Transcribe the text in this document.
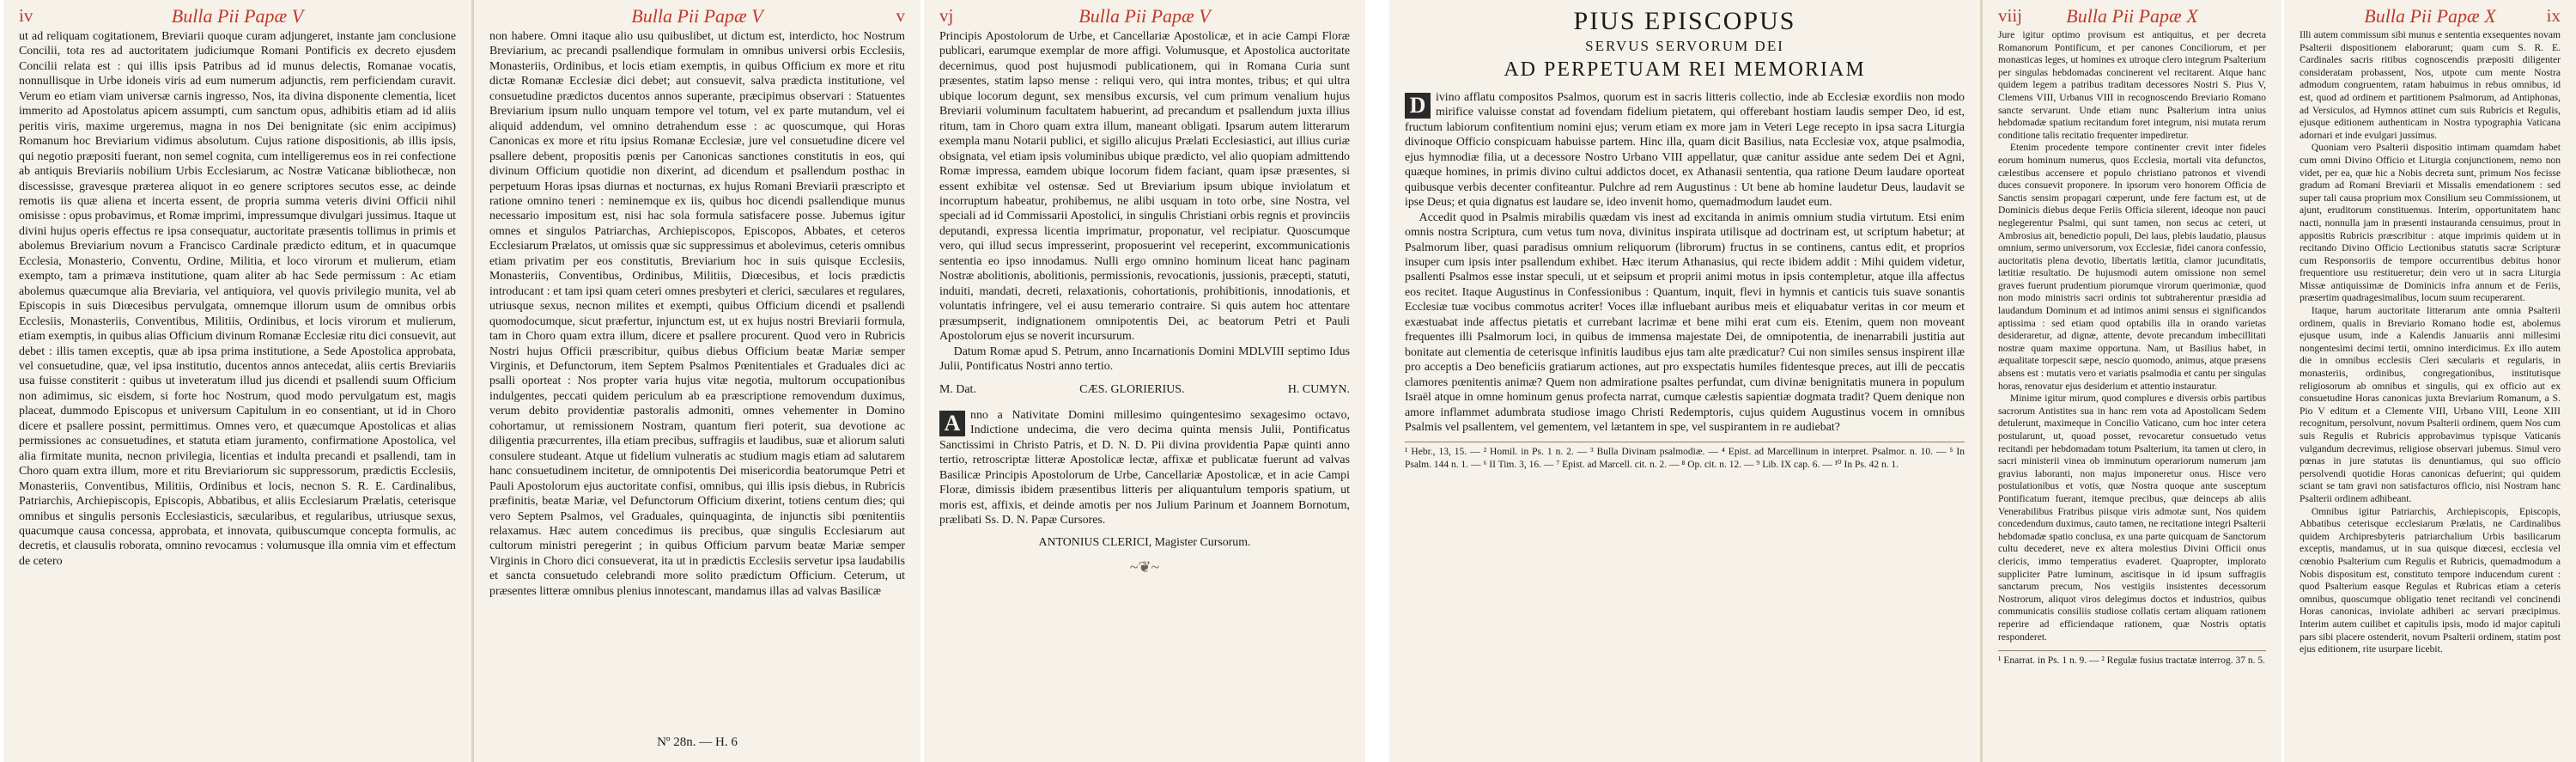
iv	Bulla Pii Papæ V

ut ad reliquam cogitationem, Breviarii quoque curam adjungeret, instante jam conclusione Concilii, tota res ad auctoritatem judiciumque Romani Pontificis ex decreto ejusdem Concilii relata est : qui illis ipsis Patribus ad id munus delectis, Romanae vocatis, nonnullisque in Urbe idoneis viris ad eum numerum adjunctis, rem perficiendam curavit. Verum eo etiam viam universæ carnis ingresso, Nos, ita divina disponente clementia, licet immerito ad Apostolatus apicem assumpti, cum sanctum opus, adhibitis etiam ad id aliis peritis viris, maxime urgeremus, magna in nos Dei benignitate (sic enim accipimus) Romanum hoc Breviarium vidimus absolutum. Cujus ratione dispositionis, ab illis ipsis, qui negotio præpositi fuerant, non semel cognita, cum intelligeremus eos in rei confectione ab antiquis Breviariis nobilium Urbis Ecclesiarum, ac Nostræ Vaticanæ bibliothecæ, non discessisse, gravesque præterea aliquot in eo genere scriptores secutos esse, ac deinde remotis iis quæ aliena et incerta essent, de propria summa veteris divini Officii nihil omisisse : opus probavimus, et Romæ imprimi, impressumque divulgari jussimus. Itaque ut divini hujus operis effectus re ipsa consequatur, auctoritate præsentis tollimus in primis et abolemus Breviarium novum a Francisco Cardinale prædicto editum, et in quacumque Ecclesia, Monasterio, Conventu, Ordine, Militia, et loco virorum et mulierum, etiam exempto, tam a primæva institutione, quam aliter ab hac Sede permissum : Ac etiam abolemus quæcumque alia Breviaria, vel antiquiora, vel quovis privilegio munita, vel ab Episcopis in suis Diœcesibus pervulgata, omnemque illorum usum de omnibus orbis Ecclesiis, Monasteriis, Conventibus, Militiis, Ordinibus, et locis virorum et mulierum, etiam exemptis, in quibus alias Officium divinum Romanæ Ecclesiæ ritu dici consuevit, aut debet : illis tamen exceptis, quæ ab ipsa prima institutione, a Sede Apostolica approbata, vel consuetudine, quæ, vel ipsa institutio, ducentos annos antecedat, aliis certis Breviariis usa fuisse constiterit : quibus ut inveteratum illud jus dicendi et psallendi suum Officium non adimimus, sic eisdem, si forte hoc Nostrum, quod modo pervulgatum est, magis placeat, dummodo Episcopus et universum Capitulum in eo consentiant, ut id in Choro dicere et psallere possint, permittimus. Omnes vero, et quæcumque Apostolicas et alias permissiones ac consuetudines, et statuta etiam juramento, confirmatione Apostolica, vel alia firmitate munita, necnon privilegia, licentias et indulta precandi et psallendi, tam in Choro quam extra illum, more et ritu Breviariorum sic suppressorum, prædictis Ecclesiis, Monasteriis, Conventibus, Militiis, Ordinibus et locis, necnon S. R. E. Cardinalibus, Patriarchis, Archiepiscopis, Episcopis, Abbatibus, et aliis Ecclesiarum Prælatis, ceterisque omnibus et singulis personis Ecclesiasticis, sæcularibus, et regularibus, utriusque sexus, quacumque causa concessa, approbata, et innovata, quibuscumque concepta formulis, ac decretis, et clausulis roborata, omnino revocamus : volumusque illa omnia vim et effectum de cetero

Bulla Pii Papæ V	v

non habere. Omni itaque alio usu quibuslibet, ut dictum est, interdicto, hoc Nostrum Breviarium, ac precandi psallendique formulam in omnibus universi orbis Ecclesiis, Monasteriis, Ordinibus, et locis etiam exemptis, in quibus Officium ex more et ritu dictæ Romanæ Ecclesiæ dici debet; aut consuevit, salva prædicta institutione, vel consuetudine prædictos ducentos annos superante, præcipimus observari : Statuentes Breviarium ipsum nullo unquam tempore vel totum, vel ex parte mutandum, vel ei aliquid addendum, vel omnino detrahendum esse : ac quoscumque, qui Horas Canonicas ex more et ritu ipsius Romanæ Ecclesiæ, jure vel consuetudine dicere vel psallere debent, propositis pœnis per Canonicas sanctiones constitutis in eos, qui divinum Officium quotidie non dixerint, ad dicendum et psallendum posthac in perpetuum Horas ipsas diurnas et nocturnas, ex hujus Romani Breviarii præscripto et ratione omnino teneri : neminemque ex iis, quibus hoc dicendi psallendique munus necessario impositum est, nisi hac sola formula satisfacere posse. Jubemus igitur omnes et singulos Patriarchas, Archiepiscopos, Episcopos, Abbates, et ceteros Ecclesiarum Prælatos, ut omissis quæ sic suppressimus et abolevimus, ceteris omnibus etiam privatim per eos constitutis, Breviarium hoc in suis quisque Ecclesiis, Monasteriis, Conventibus, Ordinibus, Militiis, Diœcesibus, et locis prædictis introducant : et tam ipsi quam ceteri omnes presbyteri et clerici, sæculares et regulares, utriusque sexus, necnon milites et exempti, quibus Officium dicendi et psallendi quomodocumque, sicut præfertur, injunctum est, ut ex hujus nostri Breviarii formula, tam in Choro quam extra illum, dicere et psallere procurent. Quod vero in Rubricis Nostri hujus Officii præscribitur, quibus diebus Officium beatæ Mariæ semper Virginis, et Defunctorum, item Septem Psalmos Pœnitentiales et Graduales dici ac psalli oporteat : Nos propter varia hujus vitæ negotia, multorum occupationibus indulgentes, peccati quidem periculum ab ea præscriptione removendum duximus, verum debito providentiæ pastoralis admoniti, omnes vehementer in Domino cohortamur, ut remissionem Nostram, quantum fieri poterit, sua devotione ac diligentia præcurrentes, illa etiam precibus, suffragiis et laudibus, suæ et aliorum saluti consulere studeant. Atque ut fidelium vulneratis ac studium magis etiam ad salutarem hanc consuetudinem incitetur, de omnipotentis Dei misericordia beatorumque Petri et Pauli Apostolorum ejus auctoritate confisi, omnibus, qui illis ipsis diebus, in Rubricis præfinitis, beatæ Mariæ, vel Defunctorum Officium dixerint, totiens centum dies; qui vero Septem Psalmos, vel Graduales, quinquaginta, de injunctis sibi pœnitentiis relaxamus. Hæc autem concedimus iis precibus, quæ singulis Ecclesiarum aut cultorum ministri peregerint ; in quibus Officium parvum beatæ Mariæ semper Virginis in Choro dici consueverat, ita ut in prædictis Ecclesiis servetur ipsa laudabilis et sancta consuetudo celebrandi more solito prædictum Officium. Ceterum, ut præsentes litteræ omnibus plenius innotescant, mandamus illas ad valvas Basilicæ

Nº 28n. — H. 6
vj	Bulla Pii Papæ V

Principis Apostolorum de Urbe, et Cancellariæ Apostolicæ, et in acie Campi Floræ publicari, earumque exemplar de more affigi. Volumusque, et Apostolica auctoritate decernimus, quod post hujusmodi publicationem, qui in Romana Curia sunt præsentes, statim lapso mense : reliqui vero, qui intra montes, tribus; et qui ultra ubique locorum degunt, sex mensibus excursis, vel cum primum venalium hujus Breviarii voluminum facultatem habuerint, ad precandum et psallendum juxta illius ritum, tam in Choro quam extra illum, maneant obligati. Ipsarum autem litterarum exempla manu Notarii publici, et sigillo alicujus Prælati Ecclesiastici, aut illius curiæ obsignata, vel etiam ipsis voluminibus ubique prædicto, vel alio quopiam admittendo Romæ impressa, eamdem ubique locorum fidem faciant, quam ipsæ præsentes, si essent exhibitæ vel ostensæ. Sed ut Breviarium ipsum ubique inviolatum et incorruptum habeatur, prohibemus, ne alibi usquam in toto orbe, sine Nostra, vel speciali ad id Commissarii Apostolici, in singulis Christiani orbis regnis et provinciis deputandi, expressa licentia imprimatur, proponatur, vel recipiatur. Quoscumque vero, qui illud secus impresserint, proposuerint vel receperint, excommunicationis sententia eo ipso innodamus. Nulli ergo omnino hominum liceat hanc paginam Nostræ abolitionis, abolitionis, permissionis, revocationis, jussionis, præcepti, statuti, induiti, mandati, decreti, relaxationis, cohortationis, prohibitionis, innodationis, et voluntatis infringere, vel ei ausu temerario contraire. Si quis autem hoc attentare præsumpserit, indignationem omnipotentis Dei, ac beatorum Petri et Pauli Apostolorum ejus se noverit incursurum.

Datum Romæ apud S. Petrum, anno Incarnationis Domini MDLVIII septimo Idus Julii, Pontificatus Nostri anno tertio.

M. Dat.	CÆS. GLORIERIUS.	H. CUMYN.
A nno a Nativitate Domini millesimo quingentesimo sexagesimo octavo, Indictione undecima, die vero decima quinta mensis Julii, Pontificatus Sanctissimi in Christo Patris, et D. N. D. Pii divina providentia Papæ quinti anno tertio, retroscriptæ litteræ Apostolicæ lectæ, affixæ et publicatæ fuerunt ad valvas Basilicæ Principis Apostolorum de Urbe, Cancellariæ Apostolicæ, et in acie Campi Floræ, dimissis ibidem præsentibus litteris per aliquantulum temporis spatium, ut moris est, affixis, et deinde amotis per nos Julium Parinum et Joannem Bornotum, prælibati Ss. D. N. Papæ Cursores.
ANTONIUS CLERICI, Magister Cursorum.
~❦~
PIUS EPISCOPUS
SERVUS SERVORUM DEI
AD PERPETUAM REI MEMORIAM

D ivino afflatu compositos Psalmos, quorum est in sacris litteris collectio, inde ab Ecclesiæ exordiis non modo mirifice valuisse constat ad fovendam fidelium pietatem, qui offerebant hostiam laudis semper Deo, id est, fructum labiorum confitentium nomini ejus; verum etiam ex more jam in Veteri Lege recepto in ipsa sacra Liturgia divinoque Officio conspicuam habuisse partem. Hinc illa, quam dicit Basilius, nata Ecclesiæ vox, atque psalmodia, ejus hymnodiæ filia, ut a decessore Nostro Urbano VIII appellatur, quæ canitur assidue ante sedem Dei et Agni, quæque homines, in primis divino cultui addictos docet, ex Athanasii sententia, qua ratione Deum laudare oporteat quibusque verbis decenter confiteantur. Pulchre ad rem Augustinus : Ut bene ab homine laudetur Deus, laudavit se ipse Deus; et quia dignatus est laudare se, ideo invenit homo, quemadmodum laudet eum.

Accedit quod in Psalmis mirabilis quædam vis inest ad excitanda in animis omnium studia virtutum. Etsi enim omnis nostra Scriptura, cum vetus tum nova, divinitus inspirata utilisque ad doctrinam est, ut scriptum habetur; at Psalmorum liber, quasi paradisus omnium reliquorum (librorum) fructus in se continens, cantus edit, et proprios insuper cum ipsis inter psallendum exhibet. Hæc iterum Athanasius, qui recte ibidem addit : Mihi quidem videtur, psallenti Psalmos esse instar speculi, ut et seipsum et proprii animi motus in ipsis contempletur, atque illa affectus eos recitet. Itaque Augustinus in Confessionibus : Quantum, inquit, flevi in hymnis et canticis tuis suave sonantis Ecclesiæ tuæ vocibus commotus acriter! Voces illæ influebant auribus meis et eliquabatur veritas in cor meum et exæstuabat inde affectus pietatis et currebant lacrimæ et bene mihi erat cum eis. Etenim, quem non moveant frequentes illi Psalmorum loci, in quibus de immensa majestate Dei, de omnipotentia, de inenarrabili justitia aut bonitate aut clementia de ceterisque infinitis laudibus ejus tam alte prædicatur? Cui non similes sensus inspirent illæ pro acceptis a Deo beneficiis gratiarum actiones, aut pro exspectatis humiles fidentesque preces, aut illi de peccatis clamores pœnitentis animæ? Quem non admiratione psaltes perfundat, cum divinæ benignitatis munera in populum Israël atque in omne hominum genus profecta narrat, cumque cælestis sapientiæ dogmata tradit? Quem denique non amore inflammet adumbrata studiose imago Christi Redemptoris, cujus quidem Augustinus vocem in omnibus Psalmis vel psallentem, vel gementem, vel lætantem in spe, vel suspirantem in re audiebat?

¹ Hebr., 13, 15. — ² Homil. in Ps. 1 n. 2. — ³ Bulla Divinam psalmodiæ. — ⁴ Epist. ad Marcellinum in interpret. Psalmor. n. 10. — ⁵ In Psalm. 144 n. 1. — ⁶ II Tim. 3, 16. — ⁷ Epist. ad Marcell. cit. n. 2. — ⁸ Op. cit. n. 12. — ⁹ Lib. IX cap. 6. — ¹⁰ In Ps. 42 n. 1.
viij	Bulla Pii Papæ X

Jure igitur optimo provisum est antiquitus, et per decreta Romanorum Pontificum, et per canones Conciliorum, et per monasticas leges, ut homines ex utroque clero integrum Psalterium per singulas hebdomadas concinerent vel recitarent. Atque hanc quidem legem a patribus traditam decessores Nostri S. Pius V, Clemens VIII, Urbanus VIII in recognoscendo Breviario Romano sancte servarunt. Unde etiam nunc Psalterium intra unius hebdomadæ spatium recitandum foret integrum, nisi mutata rerum conditione talis recitatio frequenter impediretur.

Etenim procedente tempore continenter crevit inter fideles eorum hominum numerus, quos Ecclesia, mortali vita defunctos, cælestibus accensere et populo christiano patronos et vivendi duces consuevit proponere. In ipsorum vero honorem Officia de Sanctis sensim propagari cœperunt, unde fere factum est, ut de Dominicis diebus deque Feriis Officia silerent, ideoque non pauci neglegerentur Psalmi, qui sunt tamen, non secus ac ceteri, ut Ambrosius ait, benedictio populi, Dei laus, plebis laudatio, plausus omnium, sermo universorum, vox Ecclesiæ, fidei canora confessio, auctoritatis plena devotio, libertatis lætitia, clamor jucunditatis, lætitiæ resultatio. De hujusmodi autem omissione non semel graves fuerunt prudentium piorumque virorum querimoniæ, quod non modo ministris sacri ordinis tot subtraherentur præsidia ad laudandum Dominum et ad intimos animi sensus ei significandos aptissima : sed etiam quod optabilis illa in orando varietas desideraretur, ad dignæ, attente, devote precandum imbecillitati nostræ quam maxime opportuna. Nam, ut Basilius habet, in æqualitate torpescit sæpe, nescio quomodo, animus, atque præsens absens est : mutatis vero et variatis psalmodia et cantu per singulas horas, renovatur ejus desiderium et attentio instauratur.

Minime igitur mirum, quod complures e diversis orbis partibus sacrorum Antistites sua in hanc rem vota ad Apostolicam Sedem detulerunt, maximeque in Concilio Vaticano, cum hoc inter cetera postularunt, ut, quoad posset, revocaretur consuetudo vetus recitandi per hebdomadam totum Psalterium, ita tamen ut clero, in sacri ministerii vinea ob imminutum operariorum numerum jam gravius laboranti, non majus imponeretur onus. Hisce vero postulationibus et votis, quæ Nostra quoque ante susceptum Pontificatum fuerant, itemque precibus, quæ deinceps ab aliis Venerabilibus Fratribus piisque viris admotæ sunt, Nos quidem concedendum duximus, cauto tamen, ne recitatione integri Psalterii hebdomadæ spatio conclusa, ex una parte quicquam de Sanctorum cultu decederet, neve ex altera molestius Divini Officii onus clericis, immo temperatius evaderet. Quapropter, implorato suppliciter Patre luminum, ascitisque in id ipsum suffragiis sanctarum precum, Nos vestigiis insistentes decessorum Nostrorum, aliquot viros delegimus doctos et industrios, quibus communicatis consiliis studiose collatis certam aliquam rationem reperire ad efficiendaque rationem, quæ Nostris optatis responderet.

¹ Enarrat. in Ps. 1 n. 9. — ² Regulæ fusius tractatæ interrog. 37 n. 5.
Bulla Pii Papæ X	ix

Illi autem commissum sibi munus e sententia exsequentes novam Psalterii dispositionem elaborarunt; quam cum S. R. E. Cardinales sacris ritibus cognoscendis præpositi diligenter consideratam probassent, Nos, utpote cum mente Nostra admodum congruentem, ratam habuimus in rebus omnibus, id est, quod ad ordinem et partitionem Psalmorum, ad Antiphonas, ad Versiculos, ad Hymnos attinet cum suis Rubricis et Regulis, ejusque editionem authenticam in Nostra typographia Vaticana adornari et inde evulgari jussimus.

Quoniam vero Psalterii dispositio intimam quamdam habet cum omni Divino Officio et Liturgia conjunctionem, nemo non videt, per ea, quæ hic a Nobis decreta sunt, primum Nos fecisse gradum ad Romani Breviarii et Missalis emendationem : sed super tali causa proprium mox Consilium seu Commissionem, ut ajunt, eruditorum constituemus. Interim, opportunitatem hanc nacti, nonnulla jam in præsenti instauranda censuimus, prout in appositis Rubricis præscribitur : atque imprimis quidem ut in recitando Divino Officio Lectionibus statutis sacræ Scripturæ cum Responsoriis de tempore occurrentibus debitus honor frequentiore usu restitueretur; dein vero ut in sacra Liturgia Missæ antiquissimæ de Dominicis infra annum et de Feriis, præsertim quadragesimalibus, locum suum recuperarent.

Itaque, harum auctoritate litterarum ante omnia Psalterii ordinem, qualis in Breviario Romano hodie est, abolemus ejusque usum, inde a Kalendis Januariis anni millesimi nongentesimi decimi tertii, omnino interdicimus. Ex illo autem die in omnibus ecclesiis Cleri sæcularis et regularis, in monasteriis, ordinibus, congregationibus, institutisque religiosorum ab omnibus et singulis, qui ex officio aut ex consuetudine Horas canonicas juxta Breviarium Romanum, a S. Pio V editum et a Clemente VIII, Urbano VIII, Leone XIII recognitum, persolvunt, novum Psalterii ordinem, quem Nos cum suis Regulis et Rubricis approbavimus typisque Vaticanis vulgandum decrevimus, religiose observari jubemus. Simul vero pœnas in jure statutas iis denuntiamus, qui suo officio persolvendi quotidie Horas canonicas defuerint; qui quidem sciant se tam gravi non satisfacturos officio, nisi Nostram hanc Psalterii ordinem adhibeant.

Omnibus igitur Patriarchis, Archiepiscopis, Episcopis, Abbatibus ceterisque ecclesiarum Prælatis, ne Cardinalibus quidem Archipresbyteris patriarchalium Urbis basilicarum exceptis, mandamus, ut in sua quisque diœcesi, ecclesia vel cœnobio Psalterium cum Regulis et Rubricis, quemadmodum a Nobis dispositum est, constituto tempore inducendum curent : quod Psalterium easque Regulas et Rubricas etiam a ceteris omnibus, quoscumque obligatio tenet recitandi vel concinendi Horas canonicas, inviolate adhiberi ac servari præcipimus. Interim autem cuilibet et capitulis ipsis, modo id major capituli pars sibi placere ostenderit, novum Psalterii ordinem, statim post ejus editionem, rite usurpare licebit.
